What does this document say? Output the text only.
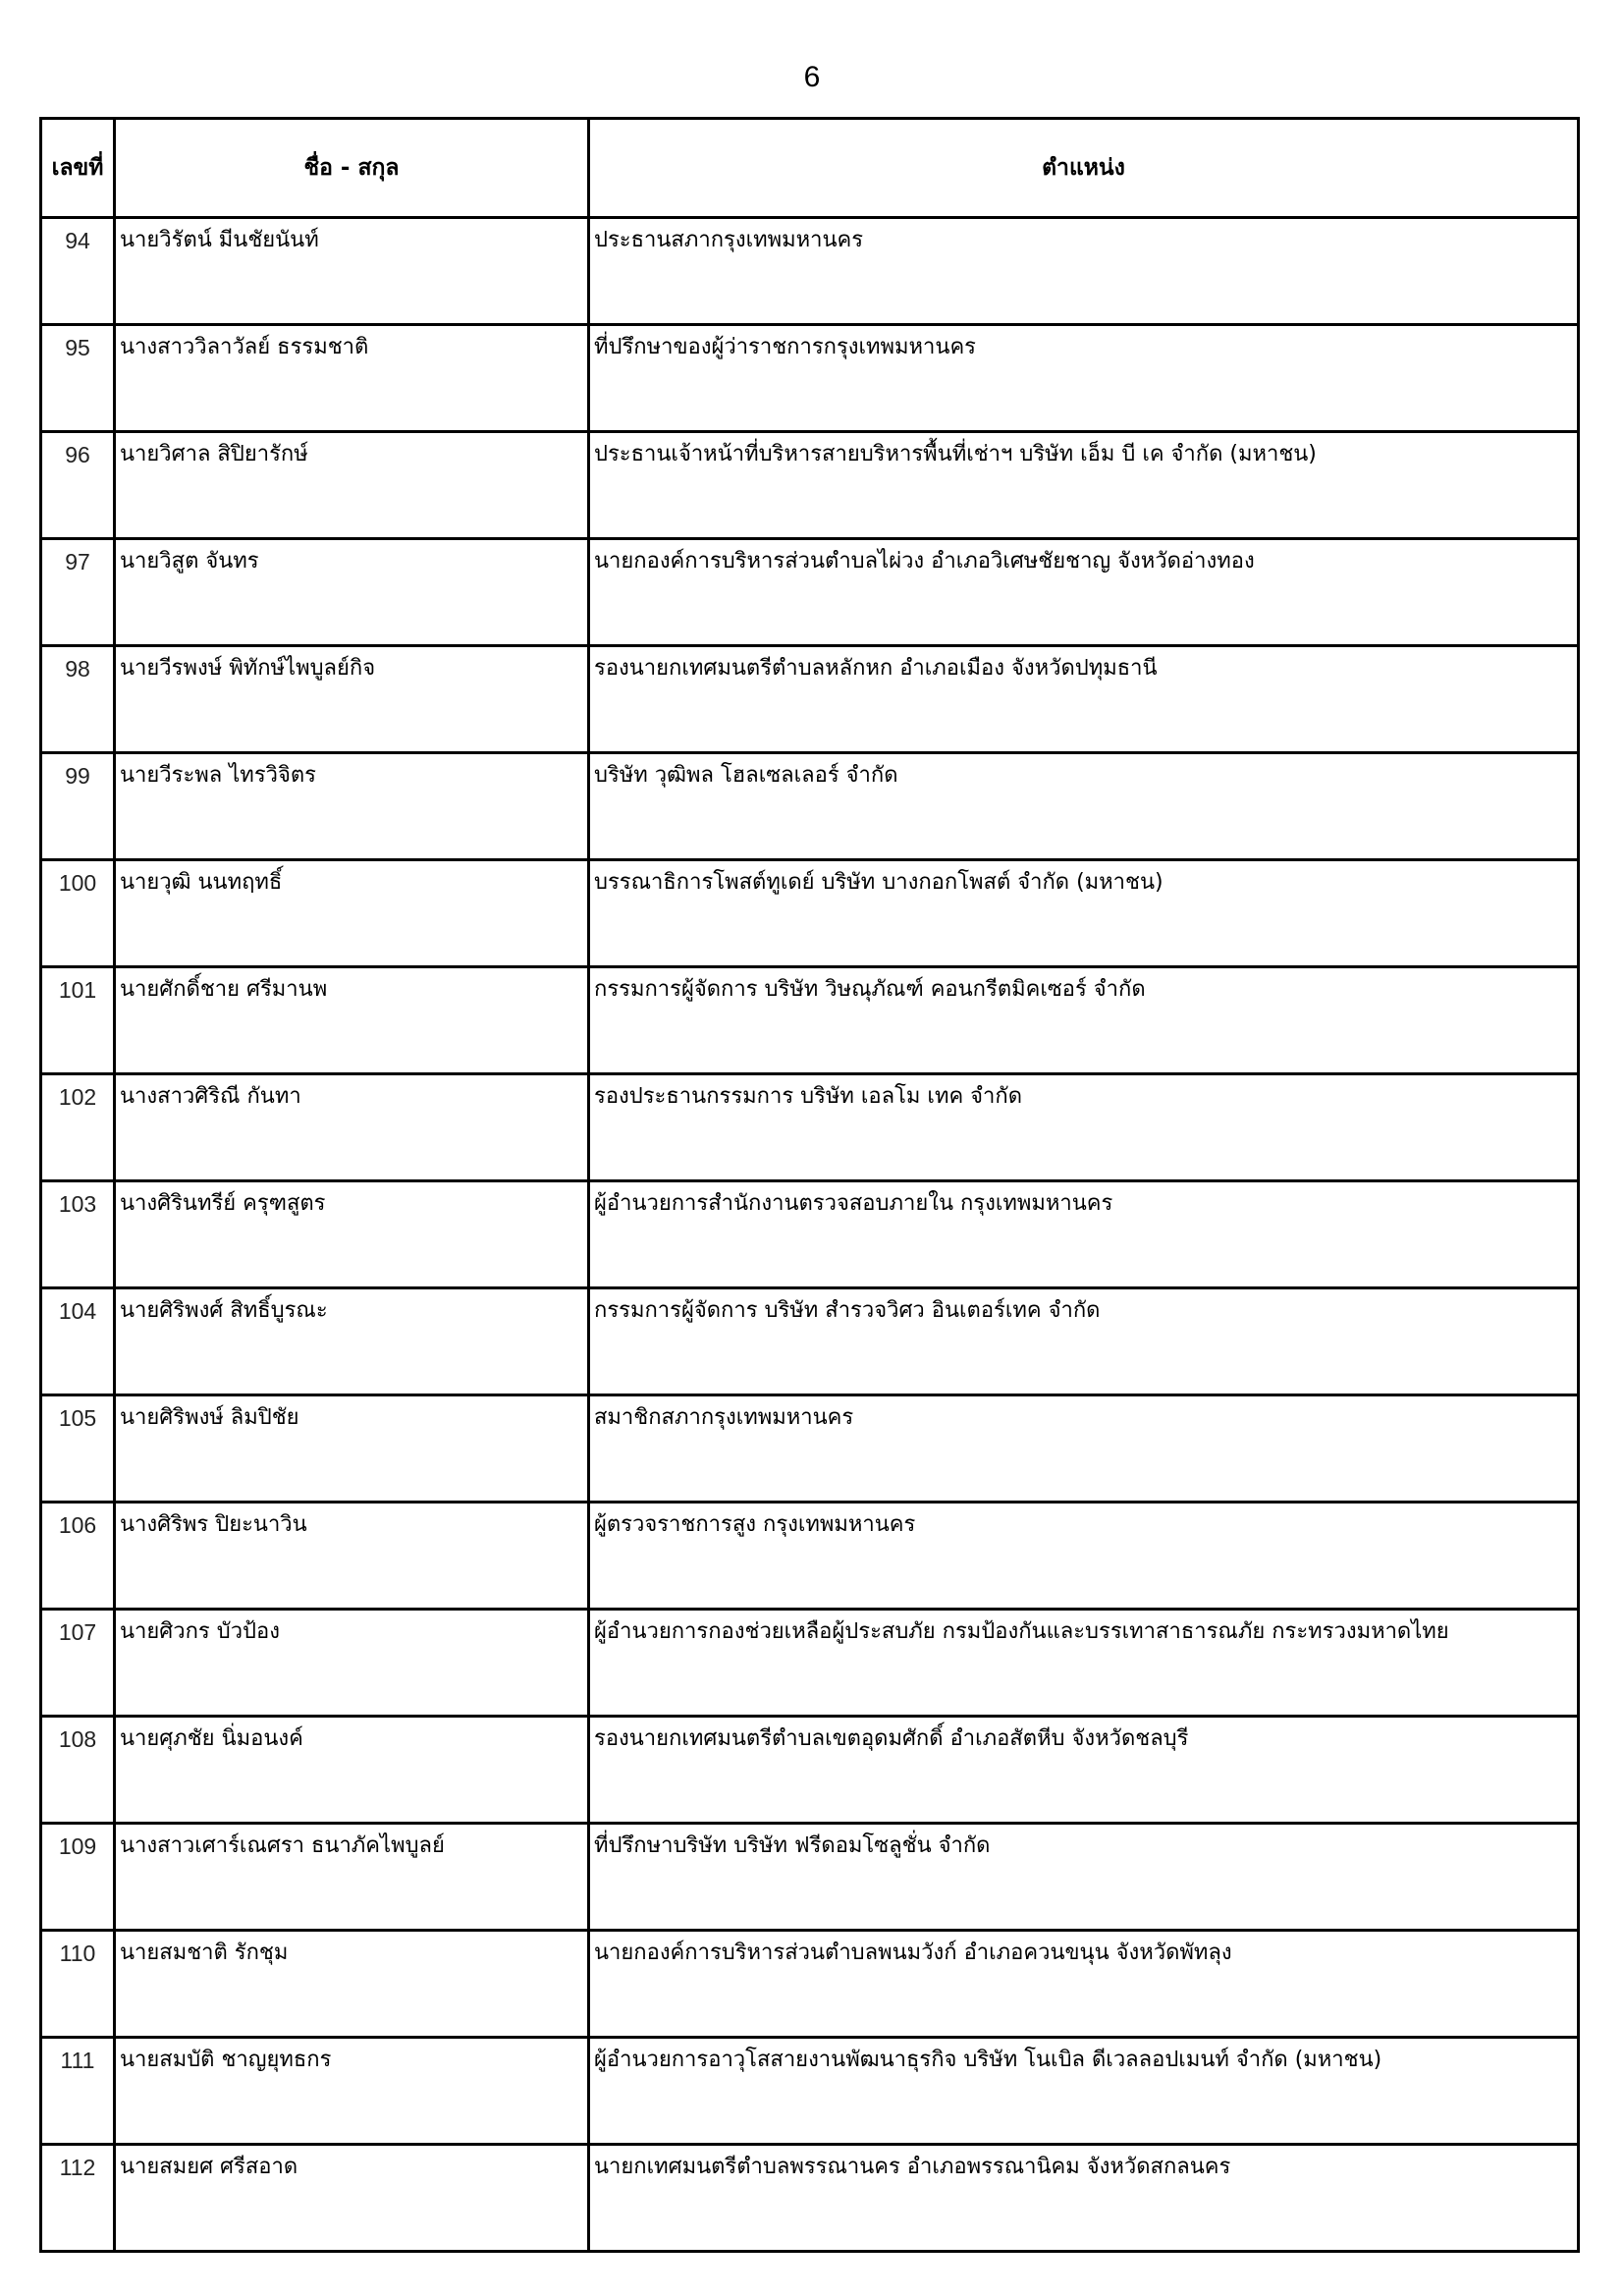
6
เลขที่	ชื่อ - สกุล	ตำแหน่ง
94	นายวิรัตน์ มีนชัยนันท์	ประธานสภากรุงเทพมหานคร
95	นางสาววิลาวัลย์ ธรรมชาติ	ที่ปรึกษาของผู้ว่าราชการกรุงเทพมหานคร
96	นายวิศาล สิปิยารักษ์	ประธานเจ้าหน้าที่บริหารสายบริหารพื้นที่เช่าฯ บริษัท เอ็ม บี เค จำกัด (มหาชน)
97	นายวิสูต จันทร	นายกองค์การบริหารส่วนตำบลไผ่วง อำเภอวิเศษชัยชาญ จังหวัดอ่างทอง
98	นายวีรพงษ์ พิทักษ์ไพบูลย์กิจ	รองนายกเทศมนตรีตำบลหลักหก อำเภอเมือง จังหวัดปทุมธานี
99	นายวีระพล ไทรวิจิตร	บริษัท วุฒิพล โฮลเซลเลอร์ จำกัด
100	นายวุฒิ นนทฤทธิ์	บรรณาธิการโพสต์ทูเดย์ บริษัท บางกอกโพสต์ จำกัด (มหาชน)
101	นายศักดิ์ชาย ศรีมานพ	กรรมการผู้จัดการ บริษัท วิษณุภัณฑ์ คอนกรีตมิคเซอร์ จำกัด
102	นางสาวศิริณี กันทา	รองประธานกรรมการ บริษัท เอลโม เทค จำกัด
103	นางศิรินทรีย์ ครุฑสูตร	ผู้อำนวยการสำนักงานตรวจสอบภายใน กรุงเทพมหานคร
104	นายศิริพงศ์ สิทธิ์บูรณะ	กรรมการผู้จัดการ บริษัท สำรวจวิศว อินเตอร์เทค จำกัด
105	นายศิริพงษ์ ลิมปิชัย	สมาชิกสภากรุงเทพมหานคร
106	นางศิริพร ปิยะนาวิน	ผู้ตรวจราชการสูง กรุงเทพมหานคร
107	นายศิวกร บัวป้อง	ผู้อำนวยการกองช่วยเหลือผู้ประสบภัย กรมป้องกันและบรรเทาสาธารณภัย กระทรวงมหาดไทย
108	นายศุภชัย นิ่มอนงค์	รองนายกเทศมนตรีตำบลเขตอุดมศักดิ์ อำเภอสัตหีบ จังหวัดชลบุรี
109	นางสาวเศาร์เณศรา ธนาภัคไพบูลย์	ที่ปรึกษาบริษัท บริษัท ฟรีดอมโซลูชั่น จำกัด
110	นายสมชาติ รักชุม	นายกองค์การบริหารส่วนตำบลพนมวังก์ อำเภอควนขนุน จังหวัดพัทลุง
111	นายสมบัติ ชาญยุทธกร	ผู้อำนวยการอาวุโสสายงานพัฒนาธุรกิจ บริษัท โนเบิล ดีเวลลอปเมนท์ จำกัด (มหาชน)
112	นายสมยศ ศรีสอาด	นายกเทศมนตรีตำบลพรรณานคร อำเภอพรรณานิคม จังหวัดสกลนคร
